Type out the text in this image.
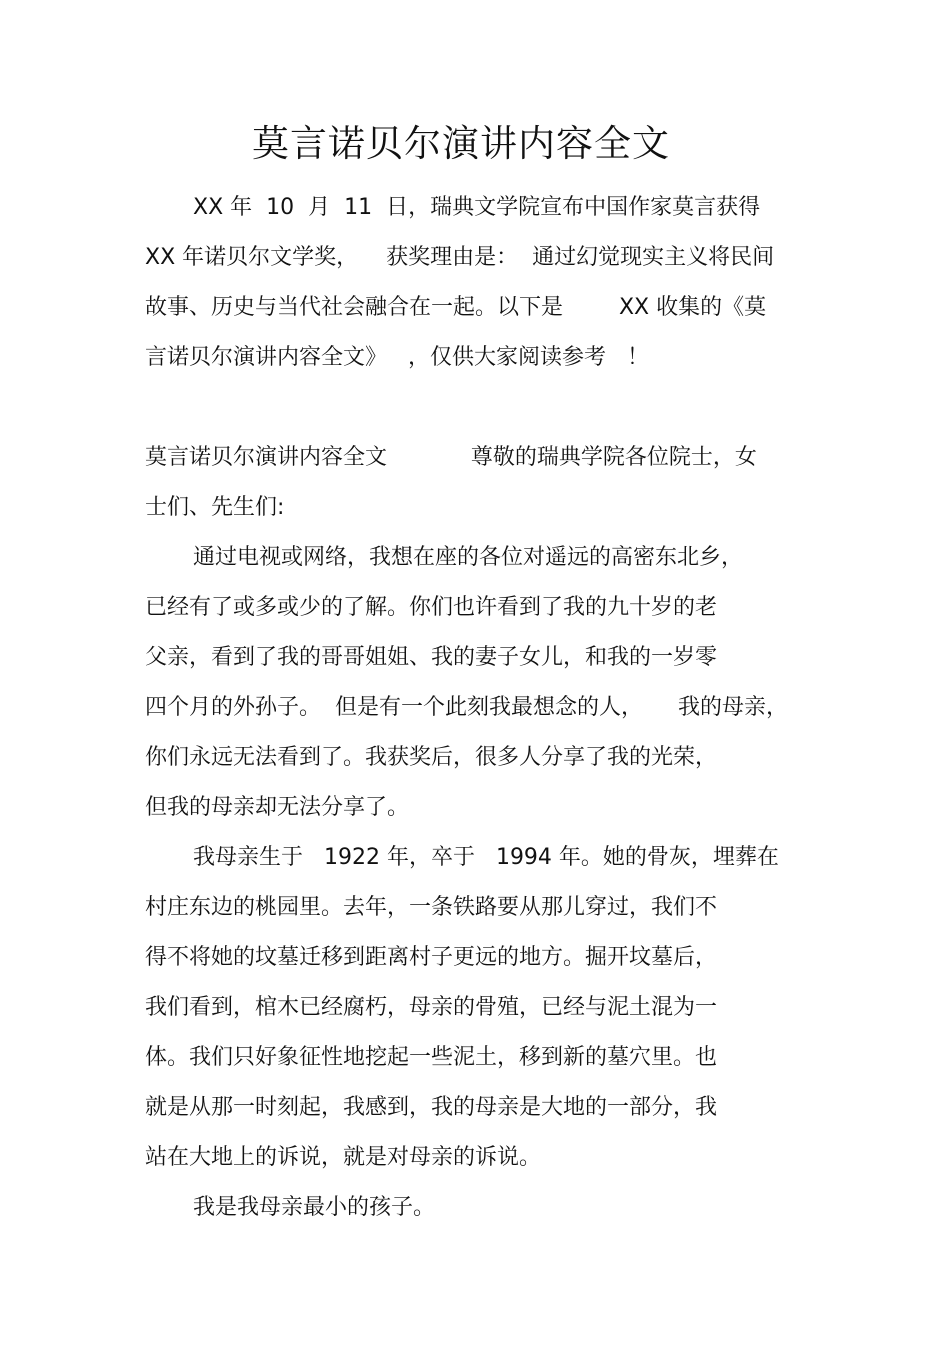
莫言诺贝尔演讲内容全文
XX 年  10  月  11  日，瑞典文学院宣布中国作家莫言获得
XX 年诺贝尔文学奖，    获奖理由是：  通过幻觉现实主义将民间
故事、历史与当代社会融合在一起。以下是        XX 收集的《莫
言诺贝尔演讲内容全文》   ，仅供大家阅读参考   ！
莫言诺贝尔演讲内容全文            尊敬的瑞典学院各位院士，女
士们、先生们:
通过电视或网络，我想在座的各位对遥远的高密东北乡，
已经有了或多或少的了解。你们也许看到了我的九十岁的老
父亲，看到了我的哥哥姐姐、我的妻子女儿，和我的一岁零
四个月的外孙子。  但是有一个此刻我最想念的人，     我的母亲，
你们永远无法看到了。我获奖后，很多人分享了我的光荣，
但我的母亲却无法分享了。
我母亲生于   1922 年，卒于   1994 年。她的骨灰，埋葬在
村庄东边的桃园里。去年，一条铁路要从那儿穿过，我们不
得不将她的坟墓迁移到距离村子更远的地方。掘开坟墓后，
我们看到，棺木已经腐朽，母亲的骨殖，已经与泥土混为一
体。我们只好象征性地挖起一些泥土，移到新的墓穴里。也
就是从那一时刻起，我感到，我的母亲是大地的一部分，我
站在大地上的诉说，就是对母亲的诉说。
我是我母亲最小的孩子。
